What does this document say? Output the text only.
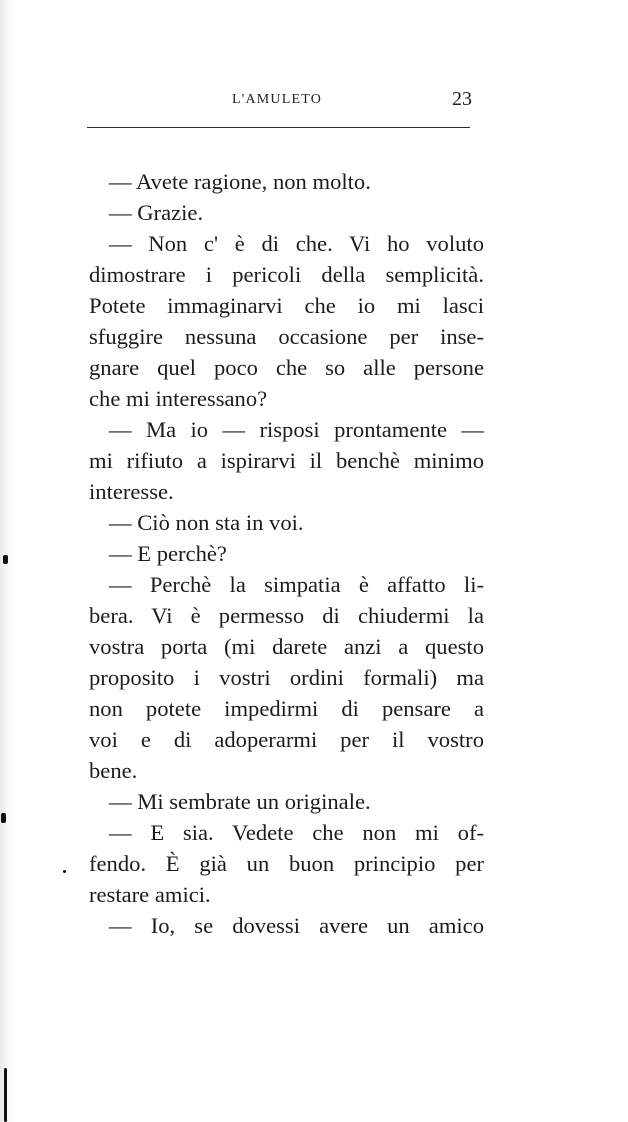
L'AMULETO	23
— Avete ragione, non molto.
— Grazie.
— Non c' è di che. Vi ho voluto
dimostrare i pericoli della semplicità.
Potete immaginarvi che io mi lasci
sfuggire nessuna occasione per inse-
gnare quel poco che so alle persone
che mi interessano?
— Ma io — risposi prontamente —
mi rifiuto a ispirarvi il benchè minimo
interesse.
— Ciò non sta in voi.
— E perchè?
— Perchè la simpatia è affatto li-
bera. Vi è permesso di chiudermi la
vostra porta (mi darete anzi a questo
proposito i vostri ordini formali) ma
non potete impedirmi di pensare a
voi e di adoperarmi per il vostro
bene.
— Mi sembrate un originale.
— E sia. Vedete che non mi of-
fendo. È già un buon principio per
restare amici.
— Io, se dovessi avere un amico
